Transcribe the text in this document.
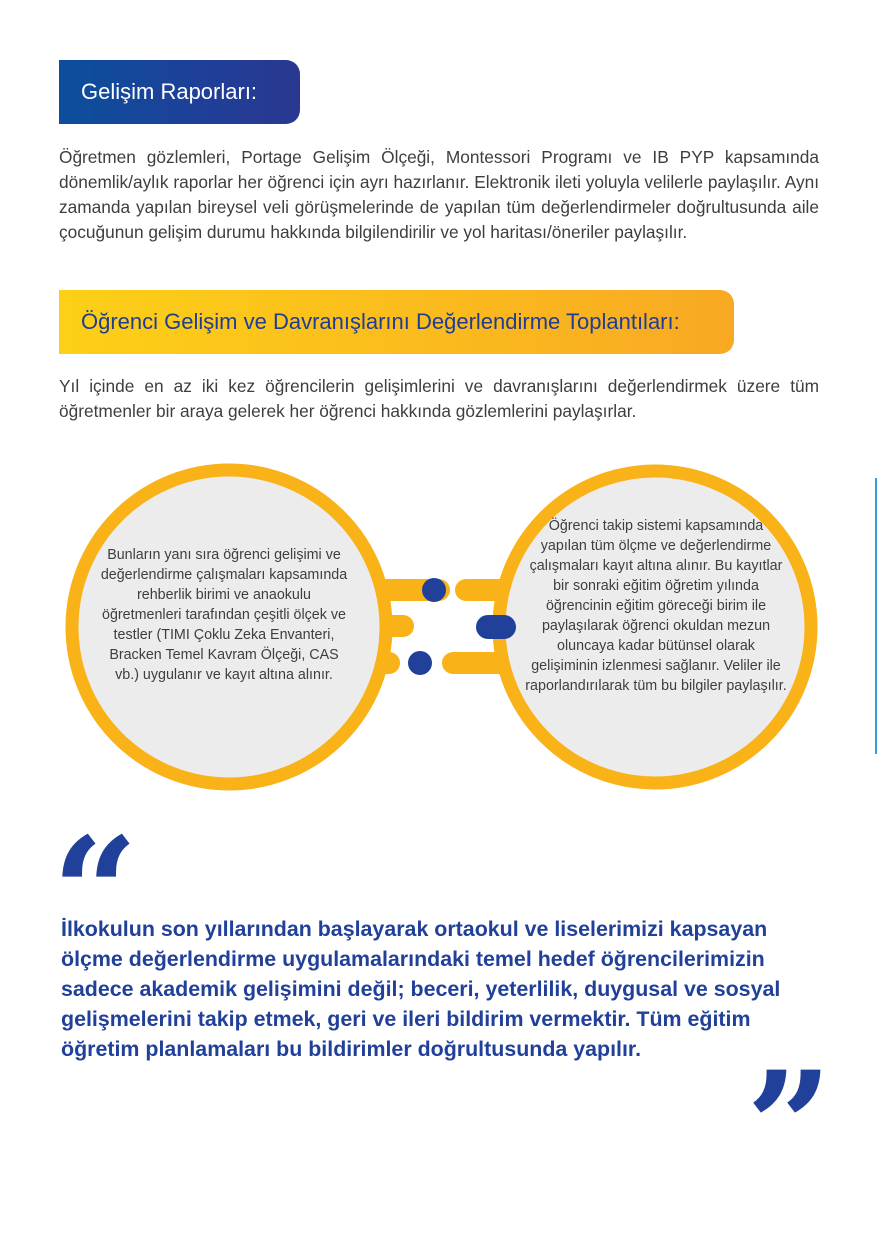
Gelişim Raporları:
Öğretmen gözlemleri, Portage Gelişim Ölçeği, Montessori Programı ve IB PYP kapsamında dönemlik/aylık raporlar her öğrenci için ayrı hazırlanır. Elektronik ileti yoluyla velilerle paylaşılır. Aynı zamanda yapılan bireysel veli görüşmelerinde de yapılan tüm değerlendirmeler doğrultusunda aile çocuğunun gelişim durumu hakkında bilgilendirilir ve yol haritası/öneriler paylaşılır.
Öğrenci Gelişim ve Davranışlarını Değerlendirme Toplantıları:
Yıl içinde en az iki kez öğrencilerin gelişimlerini ve davranışlarını değerlendirmek üzere tüm öğretmenler bir araya gelerek her öğrenci hakkında gözlemlerini paylaşırlar.
Bunların yanı sıra öğrenci gelişimi ve değerlendirme çalışmaları kapsamında rehberlik birimi ve anaokulu öğretmenleri tarafından çeşitli ölçek ve testler (TIMI Çoklu Zeka Envanteri, Bracken Temel Kavram Ölçeği, CAS vb.) uygulanır ve kayıt altına alınır.
Öğrenci takip sistemi kapsamında yapılan tüm ölçme ve değerlendirme çalışmaları kayıt altına alınır. Bu kayıtlar bir sonraki eğitim öğretim yılında öğrencinin eğitim göreceği birim ile paylaşılarak öğrenci okuldan mezun oluncaya kadar bütünsel olarak gelişiminin izlenmesi sağlanır. Veliler ile raporlandırılarak tüm bu bilgiler paylaşılır.
“
İlkokulun son yıllarından başlayarak ortaokul ve liselerimizi kapsayan ölçme değerlendirme uygulamalarındaki temel hedef öğrencilerimizin sadece akademik gelişimini değil; beceri, yeterlilik, duygusal ve sosyal gelişmelerini takip etmek, geri ve ileri bildirim vermektir. Tüm eğitim öğretim planlamaları bu bildirimler doğrultusunda yapılır. ”
